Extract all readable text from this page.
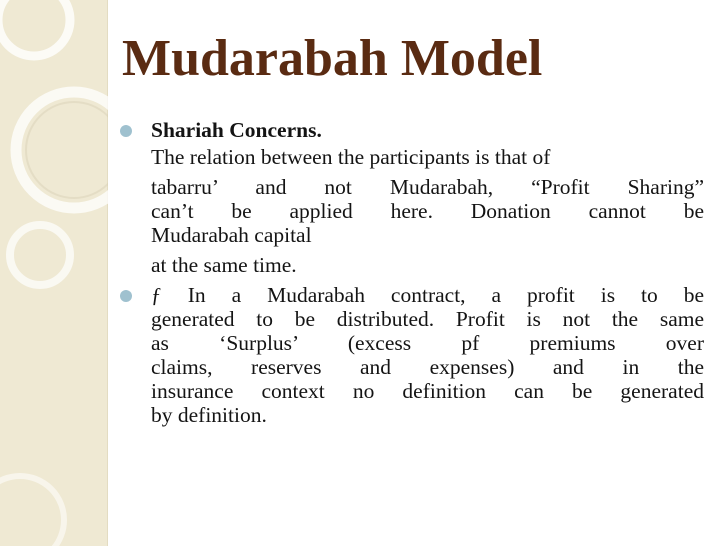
Mudarabah Model

Shariah Concerns.

The relation between the participants is that of

tabarru’ and not Mudarabah, “Profit Sharing”

can’t be applied here. Donation cannot be

Mudarabah capital

at the same time.

ƒ In a Mudarabah contract, a profit is to be

generated to be distributed. Profit is not the same

as ‘Surplus’ (excess pf premiums over

claims, reserves and expenses) and in the

insurance context no definition can be generated

by definition.
